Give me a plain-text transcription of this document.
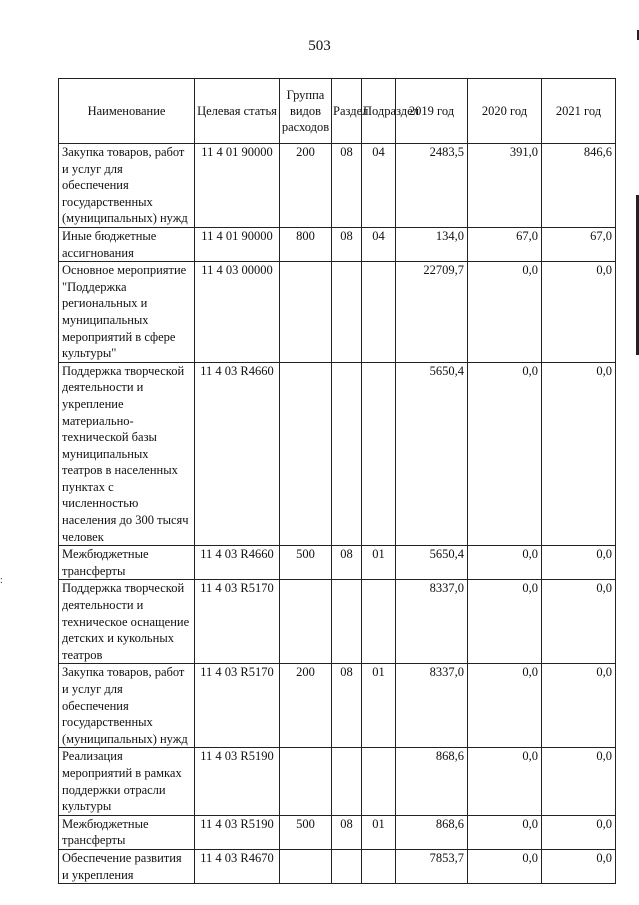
503
:
Наименование	Целевая статья	Группа видов расходов	Раздел	Подраздел	2019 год	2020 год	2021 год
Закупка товаров, работ и услуг для обеспечения государственных (муниципальных) нужд	11 4 01 90000	200	08	04	2483,5	391,0	846,6
Иные бюджетные ассигнования	11 4 01 90000	800	08	04	134,0	67,0	67,0
Основное мероприятие "Поддержка региональных и муниципальных мероприятий в сфере культуры"	11 4 03 00000				22709,7	0,0	0,0
Поддержка творческой деятельности и укрепление материально-технической базы муниципальных театров в населенных пунктах с численностью населения до 300 тысяч человек	11 4 03 R4660				5650,4	0,0	0,0
Межбюджетные трансферты	11 4 03 R4660	500	08	01	5650,4	0,0	0,0
Поддержка творческой деятельности и техническое оснащение детских и кукольных театров	11 4 03 R5170				8337,0	0,0	0,0
Закупка товаров, работ и услуг для обеспечения государственных (муниципальных) нужд	11 4 03 R5170	200	08	01	8337,0	0,0	0,0
Реализация мероприятий в рамках поддержки отрасли культуры	11 4 03 R5190				868,6	0,0	0,0
Межбюджетные трансферты	11 4 03 R5190	500	08	01	868,6	0,0	0,0
Обеспечение развития и укрепления	11 4 03 R4670				7853,7	0,0	0,0
